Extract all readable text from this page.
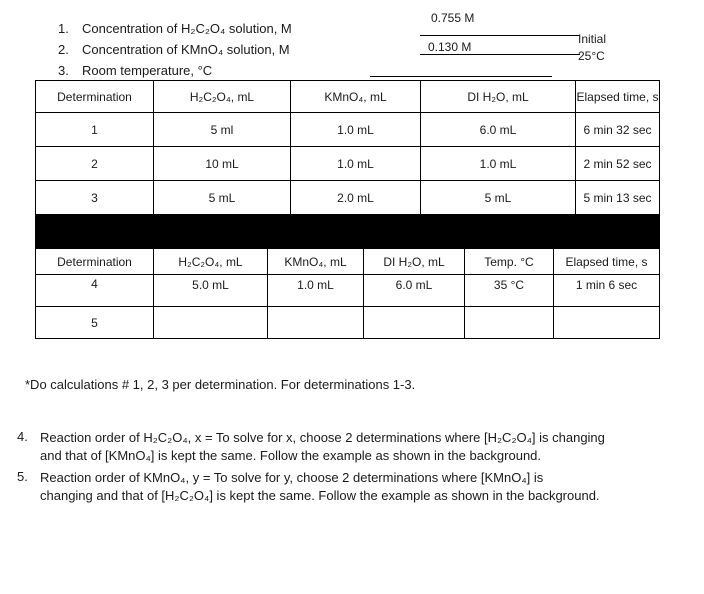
1. Concentration of H₂C₂O₄ solution, M
0.755 M
2. Concentration of KMnO₄ solution, M	0.130 M
Initial
25°C
3. Room temperature, °C
Determination	H₂C₂O₄, mL	KMnO₄, mL	DI H₂O, mL	Elapsed time, s
1	5 ml	1.0 mL	6.0 mL	6 min 32 sec
2	10 mL	1.0 mL	1.0 mL	2 min 52 sec
3	5 mL	2.0 mL	5 mL	5 min 13 sec
Determination	H₂C₂O₄, mL	KMnO₄, mL	DI H₂O, mL	Temp. °C	Elapsed time, s
4	5.0 mL	1.0 mL	6.0 mL	35 °C	1 min 6 sec
5					
*Do calculations # 1, 2, 3 per determination. For determinations 1-3.
4. Reaction order of H₂C₂O₄, x = To solve for x, choose 2 determinations where [H₂C₂O₄] is changing
and that of [KMnO₄] is kept the same. Follow the example as shown in the background.
5. Reaction order of KMnO₄, y = To solve for y, choose 2 determinations where [KMnO₄] is
changing and that of [H₂C₂O₄] is kept the same. Follow the example as shown in the background.
